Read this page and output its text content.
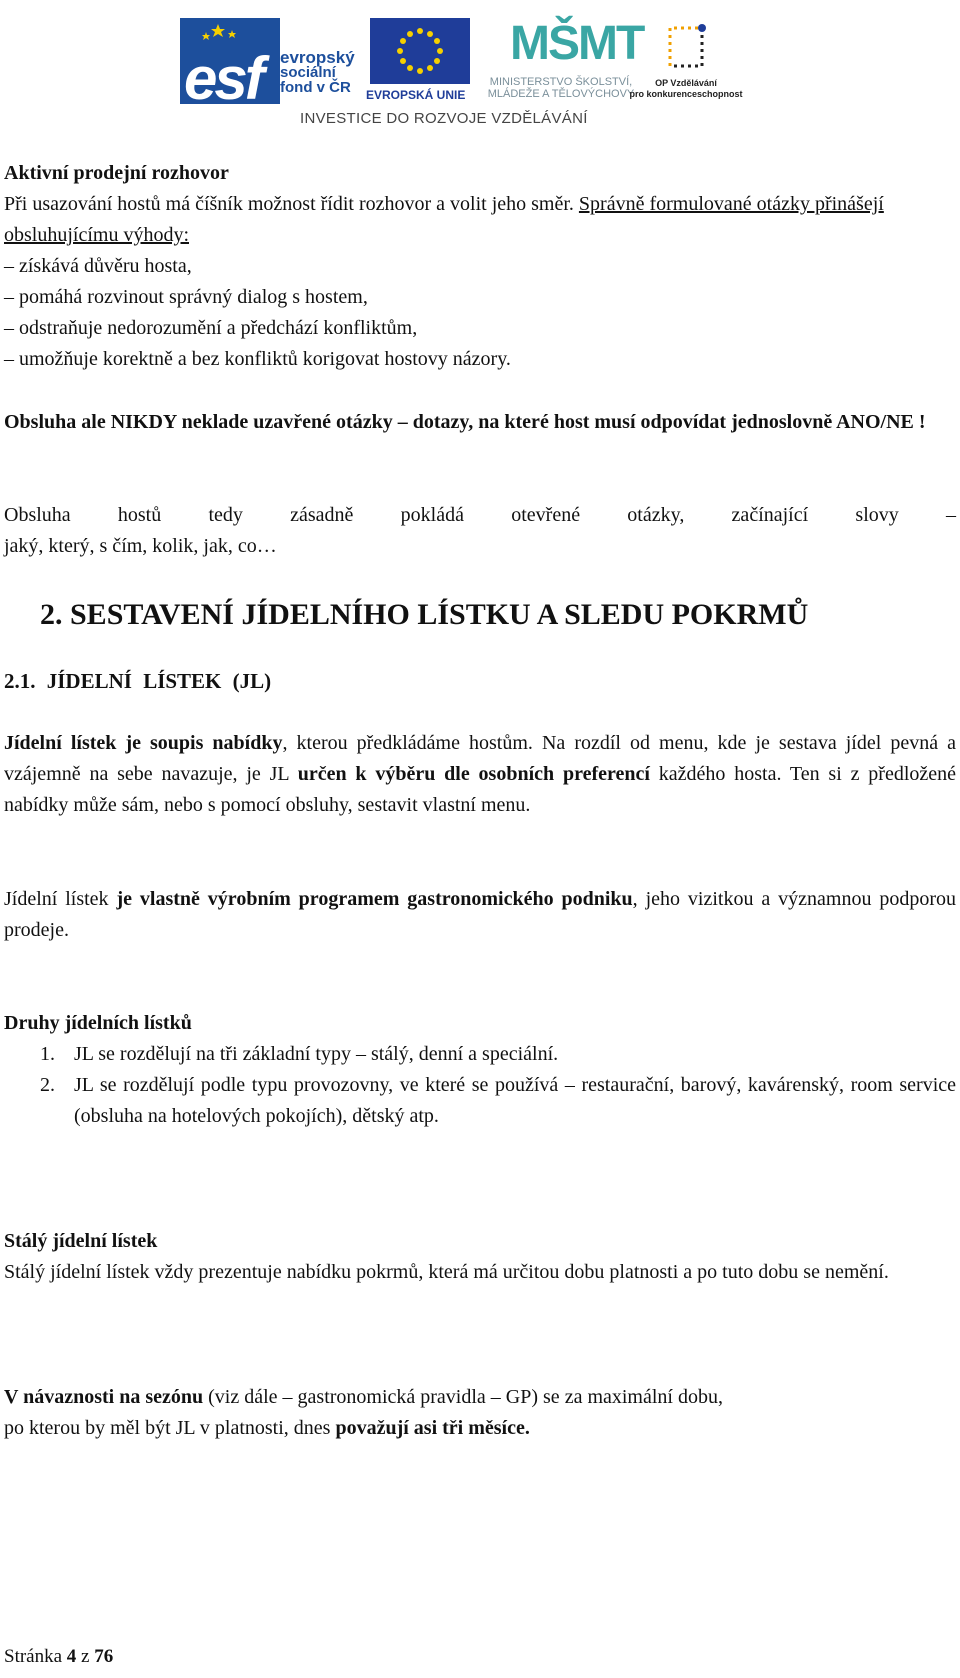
esf evropský
sociální
fond v ČR	EVROPSKÁ UNIE
MŠMT
MINISTERSTVO ŠKOLSTVÍ,
MLÁDEŽE A TĚLOVÝCHOVY
OP Vzdělávání
pro konkurenceschopnost
INVESTICE DO ROZVOJE VZDĚLÁVÁNÍ
Aktivní prodejní rozhovor
Při usazování hostů má číšník možnost řídit rozhovor a volit jeho směr. Správně formulované otázky přinášejí obsluhujícímu výhody:
– získává důvěru hosta,
– pomáhá rozvinout správný dialog s hostem,
– odstraňuje nedorozumění a předchází konfliktům,
– umožňuje korektně a bez konfliktů korigovat hostovy názory.
Obsluha ale NIKDY neklade uzavřené otázky – dotazy, na které host musí odpovídat jednoslovně ANO/NE !
Obsluha hostů tedy zásadně pokládá otevřené otázky, začínající slovy –
jaký, který, s čím, kolik, jak, co…
2. SESTAVENÍ JÍDELNÍHO LÍSTKU A SLEDU POKRMŮ
2.1. JÍDELNÍ LÍSTEK (JL)
Jídelní lístek je soupis nabídky, kterou předkládáme hostům. Na rozdíl od menu, kde je sestava jídel pevná a vzájemně na sebe navazuje, je JL určen k výběru dle osobních preferencí každého hosta. Ten si z předložené nabídky může sám, nebo s pomocí obsluhy, sestavit vlastní menu.
Jídelní lístek je vlastně výrobním programem gastronomického podniku, jeho vizitkou a významnou podporou prodeje.
Druhy jídelních lístků
1. JL se rozdělují na tři základní typy – stálý, denní a speciální.
2. JL se rozdělují podle typu provozovny, ve které se používá – restaurační, barový, kavárenský, room service (obsluha na hotelových pokojích), dětský atp.
Stálý jídelní lístek
Stálý jídelní lístek vždy prezentuje nabídku pokrmů, která má určitou dobu platnosti a po tuto dobu se nemění.
V návaznosti na sezónu (viz dále – gastronomická pravidla – GP) se za maximální dobu,
po kterou by měl být JL v platnosti, dnes považují asi tři měsíce.
Stránka 4 z 76
